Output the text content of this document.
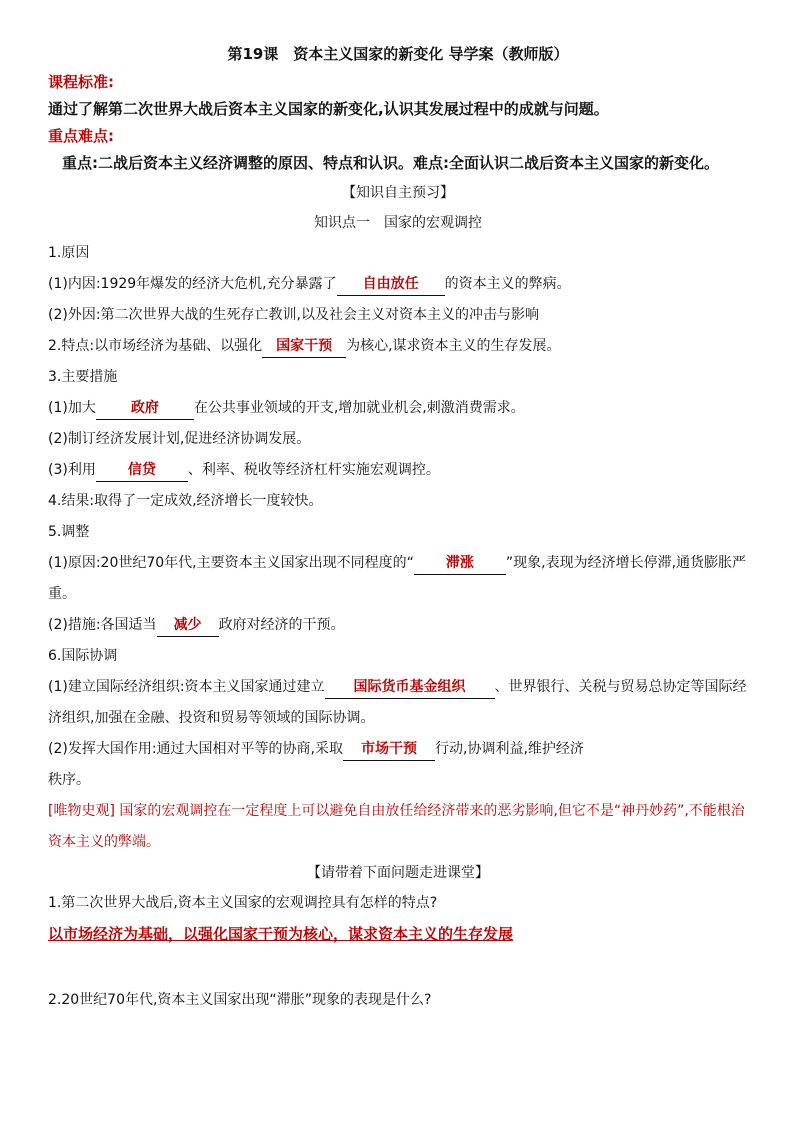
第19课　资本主义国家的新变化 导学案（教师版）
课程标准:
通过了解第二次世界大战后资本主义国家的新变化,认识其发展过程中的成就与问题。
重点难点:
重点:二战后资本主义经济调整的原因、特点和认识。难点:全面认识二战后资本主义国家的新变化。
【知识自主预习】
知识点一　国家的宏观调控
1.原因
(1)内因:1929年爆发的经济大危机,充分暴露了 自由放任 的资本主义的弊病。
(2)外因:第二次世界大战的生死存亡教训,以及社会主义对资本主义的冲击与影响
2.特点:以市场经济为基础、以强化 国家干预 为核心,谋求资本主义的生存发展。
3.主要措施
(1)加大	政府	在公共事业领域的开支,增加就业机会,刺激消费需求。
(2)制订经济发展计划,促进经济协调发展。
(3)利用 信贷 、利率、税收等经济杠杆实施宏观调控。
4.结果:取得了一定成效,经济增长一度较快。
5.调整
(1)原因:20世纪70年代,主要资本主义国家出现不同程度的“ 滞涨 ”现象,表现为经济增长停滞,通货膨胀严重。
(2)措施:各国适当 减少 政府对经济的干预。
6.国际协调
(1)建立国际经济组织:资本主义国家通过建立 国际货币基金组织 、世界银行、关税与贸易总协定等国际经济组织,加强在金融、投资和贸易等领域的国际协调。
(2)发挥大国作用:通过大国相对平等的协商,采取 市场干预 行动,协调利益,维护经济
秩序。
[唯物史观] 国家的宏观调控在一定程度上可以避免自由放任给经济带来的恶劣影响,但它不是“神丹妙药”,不能根治资本主义的弊端。
【请带着下面问题走进课堂】
1.第二次世界大战后,资本主义国家的宏观调控具有怎样的特点?
以市场经济为基础，以强化国家干预为核心，谋求资本主义的生存发展
2.20世纪70年代,资本主义国家出现“滞胀”现象的表现是什么?
